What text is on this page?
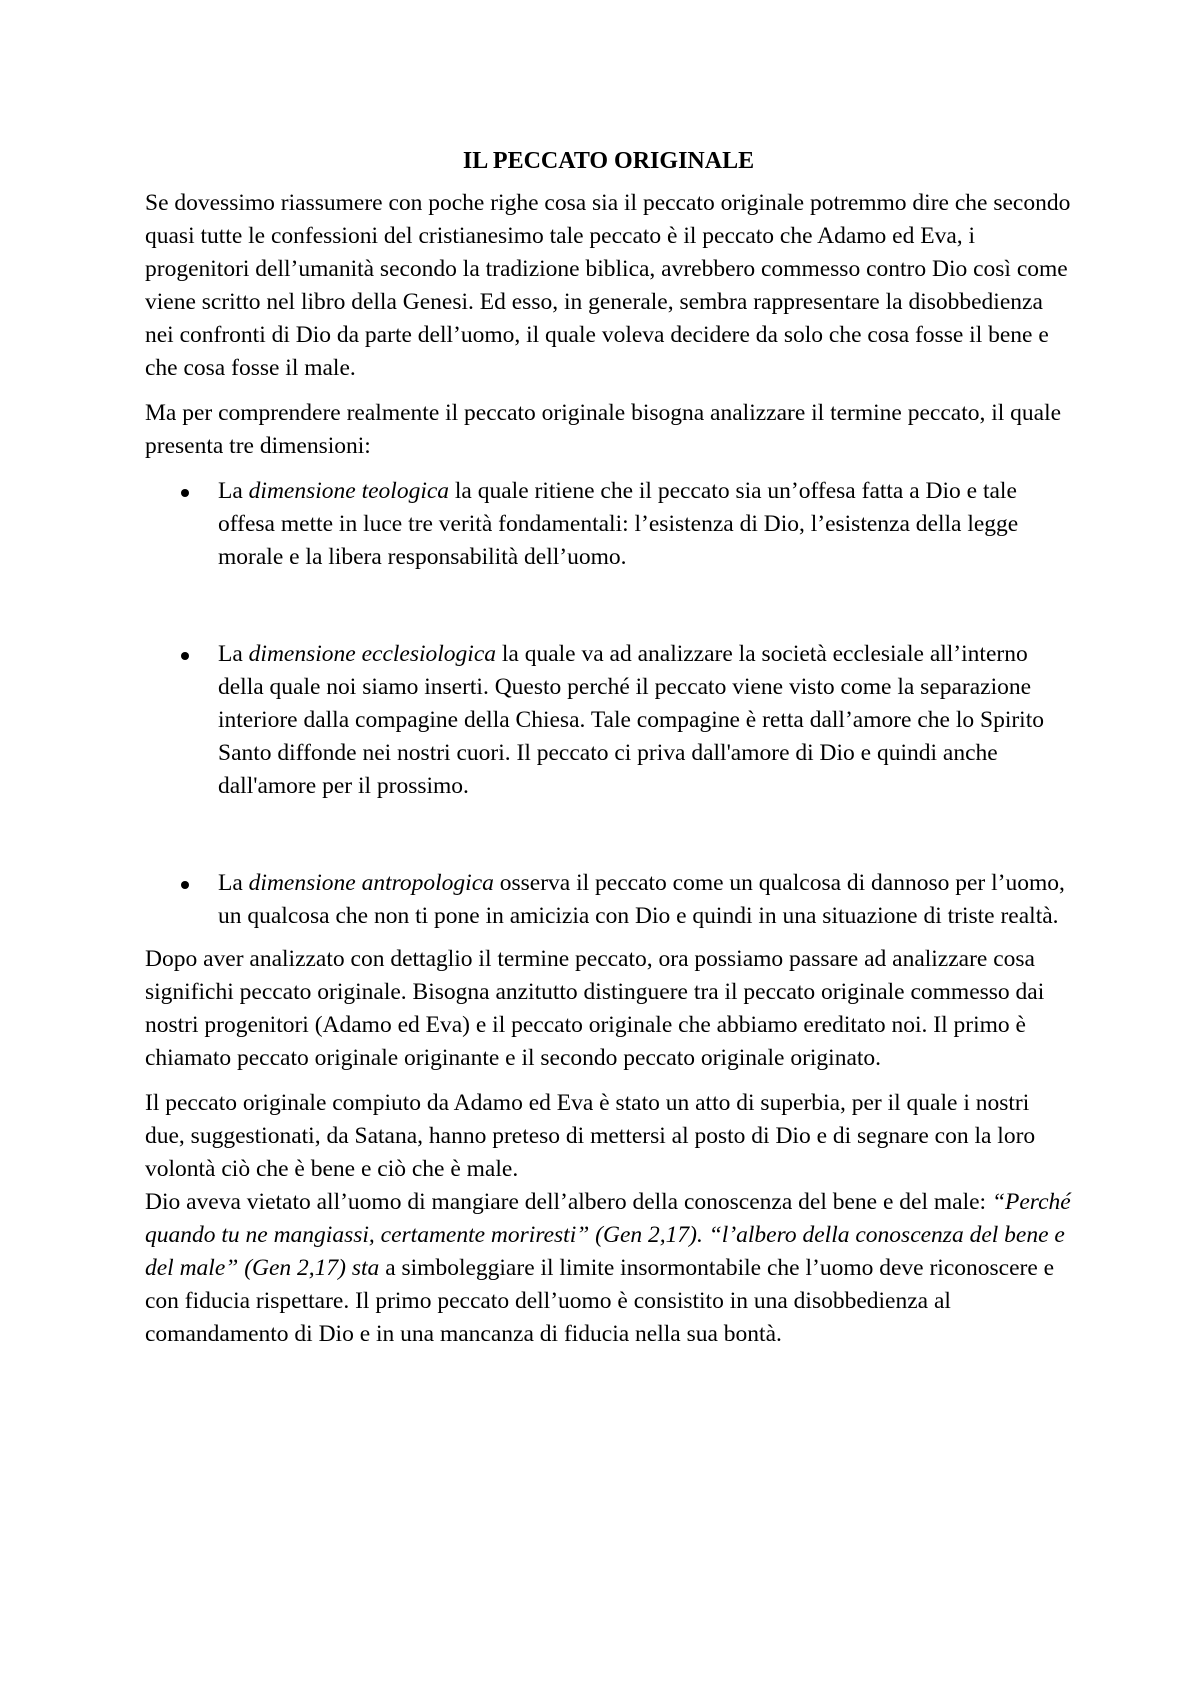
IL PECCATO ORIGINALE

Se dovessimo riassumere con poche righe cosa sia il peccato originale potremmo dire che secondo quasi tutte le confessioni del cristianesimo tale peccato è il peccato che Adamo ed Eva, i progenitori dell’umanità secondo la tradizione biblica, avrebbero commesso contro Dio così come viene scritto nel libro della Genesi. Ed esso, in generale, sembra rappresentare la disobbedienza nei confronti di Dio da parte dell’uomo, il quale voleva decidere da solo che cosa fosse il bene e che cosa fosse il male.

Ma per comprendere realmente il peccato originale bisogna analizzare il termine peccato, il quale presenta tre dimensioni:

La dimensione teologica la quale ritiene che il peccato sia un’offesa fatta a Dio e tale offesa mette in luce tre verità fondamentali: l’esistenza di Dio, l’esistenza della legge morale e la libera responsabilità dell’uomo.
La dimensione ecclesiologica la quale va ad analizzare la società ecclesiale all’interno della quale noi siamo inserti. Questo perché il peccato viene visto come la separazione interiore dalla compagine della Chiesa. Tale compagine è retta dall’amore che lo Spirito Santo diffonde nei nostri cuori. Il peccato ci priva dall'amore di Dio e quindi anche dall'amore per il prossimo.
La dimensione antropologica osserva il peccato come un qualcosa di dannoso per l’uomo, un qualcosa che non ti pone in amicizia con Dio e quindi in una situazione di triste realtà.

Dopo aver analizzato con dettaglio il termine peccato, ora possiamo passare ad analizzare cosa significhi peccato originale. Bisogna anzitutto distinguere tra il peccato originale commesso dai nostri progenitori (Adamo ed Eva) e il peccato originale che abbiamo ereditato noi. Il primo è chiamato peccato originale originante e il secondo peccato originale originato.

Il peccato originale compiuto da Adamo ed Eva è stato un atto di superbia, per il quale i nostri due, suggestionati, da Satana, hanno preteso di mettersi al posto di Dio e di segnare con la loro volontà ciò che è bene e ciò che è male.

Dio aveva vietato all’uomo di mangiare dell’albero della conoscenza del bene e del male: “Perché quando tu ne mangiassi, certamente moriresti” (Gen 2,17). “l’albero della conoscenza del bene e del male” (Gen 2,17) sta a simboleggiare il limite insormontabile che l’uomo deve riconoscere e con fiducia rispettare. Il primo peccato dell’uomo è consistito in una disobbedienza al comandamento di Dio e in una mancanza di fiducia nella sua bontà.
